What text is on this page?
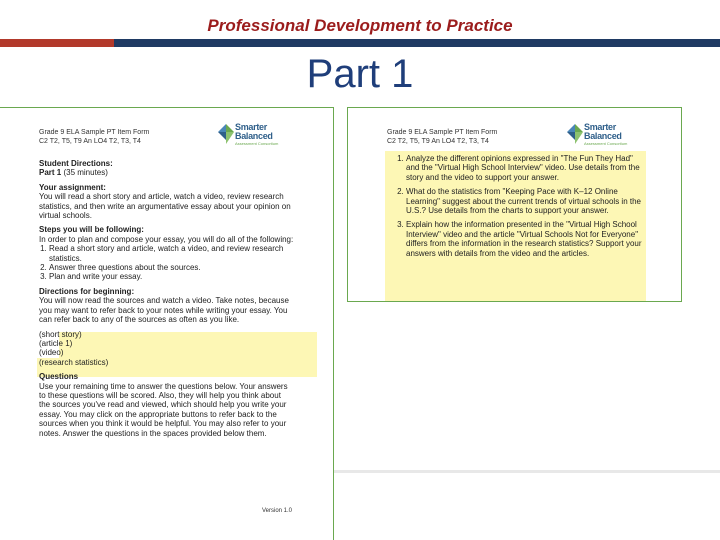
Professional Development to Practice
Part 1
Grade 9 ELA Sample PT Item Form
C2 T2, T5, T9 An LO4 T2, T3, T4
Smarter
Balanced
Assessment Consortium
Student Directions:
Part 1 (35 minutes)
Your assignment:
You will read a short story and article, watch a video, review research statistics, and then write an argumentative essay about your opinion on virtual schools.
Steps you will be following:
In order to plan and compose your essay, you will do all of the following:
1. Read a short story and article, watch a video, and review research statistics.
2. Answer three questions about the sources.
3. Plan and write your essay.
Directions for beginning:
You will now read the sources and watch a video. Take notes, because you may want to refer back to your notes while writing your essay. You can refer back to any of the sources as often as you like.
(short story)
(article 1)
(video)
(research statistics)
Questions
Use your remaining time to answer the questions below. Your answers to these questions will be scored. Also, they will help you think about the sources you've read and viewed, which should help you write your essay. You may click on the appropriate buttons to refer back to the sources when you think it would be helpful. You may also refer to your notes. Answer the questions in the spaces provided below them.
Version 1.0
Grade 9 ELA Sample PT Item Form
C2 T2, T5, T9 An LO4 T2, T3, T4
Smarter
Balanced
Assessment Consortium
1. Analyze the different opinions expressed in "The Fun They Had" and the "Virtual High School Interview" video. Use details from the story and the video to support your answer.
2. What do the statistics from "Keeping Pace with K–12 Online Learning" suggest about the current trends of virtual schools in the U.S.? Use details from the charts to support your answer.
3. Explain how the information presented in the "Virtual High School Interview" video and the article "Virtual Schools Not for Everyone" differs from the information in the research statistics? Support your answers with details from the video and the articles.
